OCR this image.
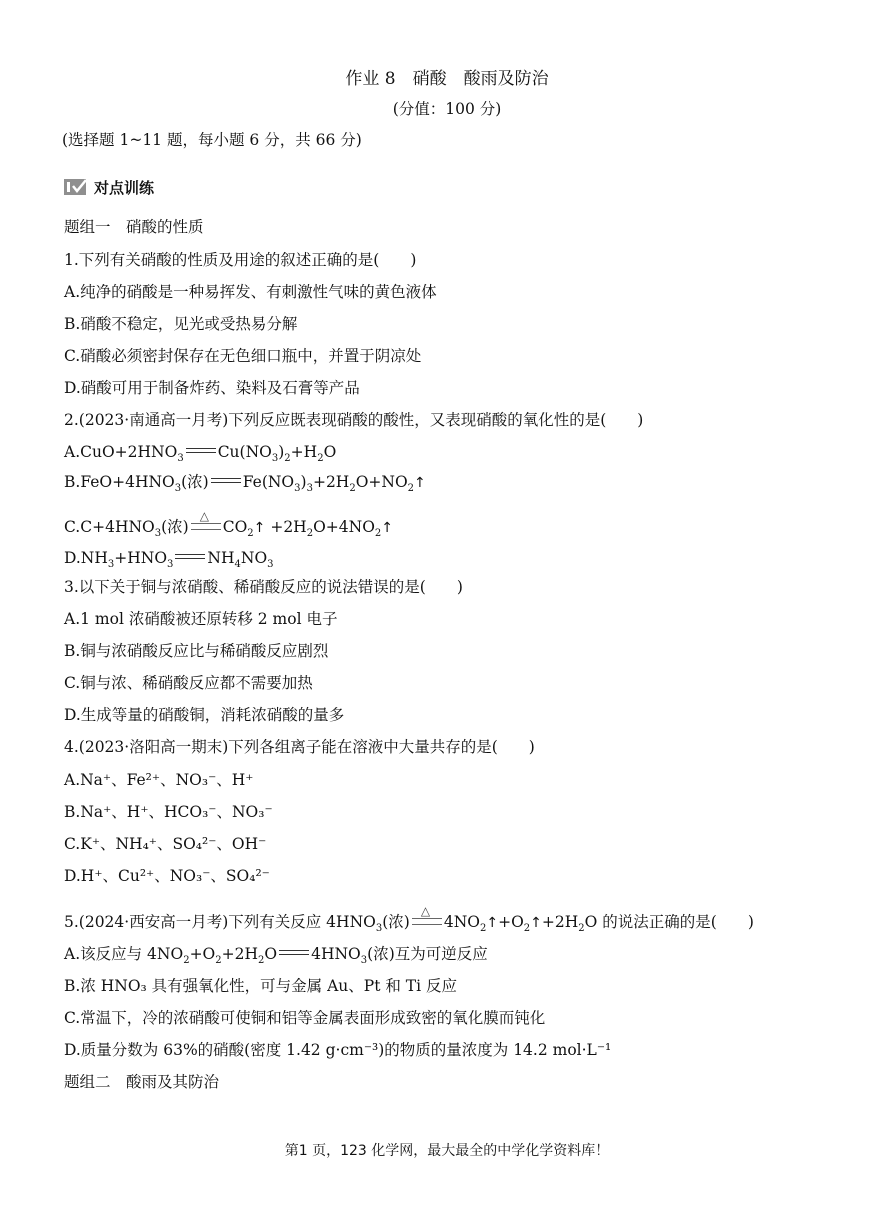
作业 8　硝酸　酸雨及防治
(分值：100 分)
(选择题 1~11 题，每小题 6 分，共 66 分)
对点训练
题组一　硝酸的性质
1.下列有关硝酸的性质及用途的叙述正确的是(　　)
A.纯净的硝酸是一种易挥发、有刺激性气味的黄色液体
B.硝酸不稳定，见光或受热易分解
C.硝酸必须密封保存在无色细口瓶中，并置于阴凉处
D.硝酸可用于制备炸药、染料及石膏等产品
2.(2023·南通高一月考)下列反应既表现硝酸的酸性，又表现硝酸的氧化性的是(　　)
$A.CuO+2HNO_3$ $Cu(NO_3)_2+H_2O$
$B.FeO+4HNO_3$(浓) $Fe(NO_3)_3+2H_2O+NO_2↑$
$C.C+4HNO_3$(浓)
△
$CO_2↑$ $+2H_2O+4NO_2↑$
$D.NH_3+HNO_3$ $NH_4NO_3$
3.以下关于铜与浓硝酸、稀硝酸反应的说法错误的是(　　)
A.1 mol 浓硝酸被还原转移 2 mol 电子
B.铜与浓硝酸反应比与稀硝酸反应剧烈
C.铜与浓、稀硝酸反应都不需要加热
D.生成等量的硝酸铜，消耗浓硝酸的量多
4.(2023·洛阳高一期末)下列各组离子能在溶液中大量共存的是(　　)
A.Na⁺、Fe²⁺、NO₃⁻、H⁺
B.Na⁺、H⁺、HCO₃⁻、NO₃⁻
C.K⁺、NH₄⁺、SO₄²⁻、OH⁻
D.H⁺、Cu²⁺、NO₃⁻、SO₄²⁻
5.(2024·西安高一月考)下列有关反应 $4HNO_3$(浓)
△
$4NO_2↑+O_2↑+2H_2O$ 的说法正确的是(　　)
A.该反应与 $4NO_2+O_2+2H_2O$ $4HNO_3$(浓)互为可逆反应
B.浓 HNO₃ 具有强氧化性，可与金属 Au、Pt 和 Ti 反应
C.常温下，冷的浓硝酸可使铜和铝等金属表面形成致密的氧化膜而钝化
D.质量分数为 63%的硝酸(密度 1.42 g·cm⁻³)的物质的量浓度为 14.2 mol·L⁻¹
题组二　酸雨及其防治
第1 页，123 化学网，最大最全的中学化学资料库！
